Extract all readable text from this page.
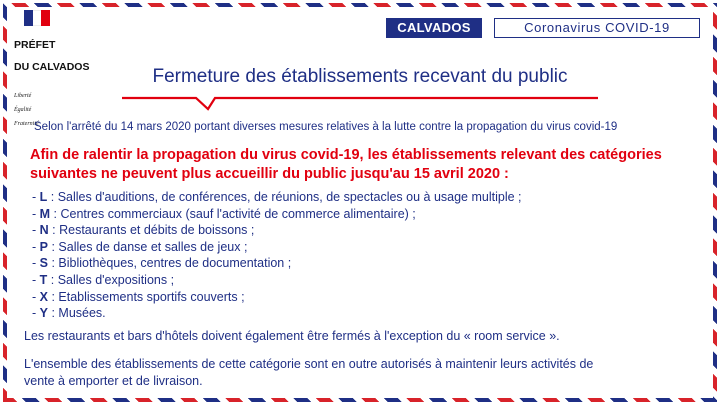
PRÉFET

DU CALVADOS

Liberté

Égalité

Fraternité

CALVADOS	Coronavirus COVID-19
Fermeture des établissements recevant du public
Selon l'arrêté du 14 mars 2020 portant diverses mesures relatives à la lutte contre la propagation du virus covid-19
Afin de ralentir la propagation du virus covid-19, les établissements relevant des catégories
suivantes ne peuvent plus accueillir du public jusqu'au 15 avril 2020 :
- L : Salles d'auditions, de conférences, de réunions, de spectacles ou à usage multiple ;
- M : Centres commerciaux (sauf l'activité de commerce alimentaire) ;
- N : Restaurants et débits de boissons ;
- P : Salles de danse et salles de jeux ;
- S : Bibliothèques, centres de documentation ;
- T : Salles d'expositions ;
- X : Etablissements sportifs couverts ;
- Y : Musées.
Les restaurants et bars d'hôtels doivent également être fermés à l'exception du « room service ».
L'ensemble des établissements de cette catégorie sont en outre autorisés à maintenir leurs activités de
vente à emporter et de livraison.
